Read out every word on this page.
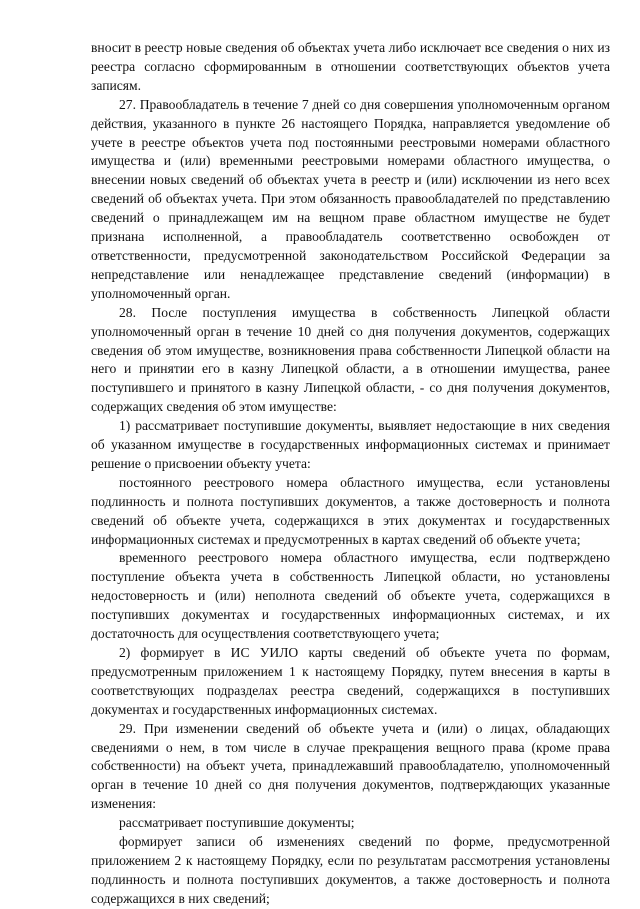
вносит в реестр новые сведения об объектах учета либо исключает все сведения о них из реестра согласно сформированным в отношении соответствующих объектов учета записям.

27. Правообладатель в течение 7 дней со дня совершения уполномоченным органом действия, указанного в пункте 26 настоящего Порядка, направляется уведомление об учете в реестре объектов учета под постоянными реестровыми номерами областного имущества и (или) временными реестровыми номерами областного имущества, о внесении новых сведений об объектах учета в реестр и (или) исключении из него всех сведений об объектах учета. При этом обязанность правообладателей по представлению сведений о принадлежащем им на вещном праве областном имуществе не будет признана исполненной, а правообладатель соответственно освобожден от ответственности, предусмотренной законодательством Российской Федерации за непредставление или ненадлежащее представление сведений (информации) в уполномоченный орган.

28. После поступления имущества в собственность Липецкой области уполномоченный орган в течение 10 дней со дня получения документов, содержащих сведения об этом имуществе, возникновения права собственности Липецкой области на него и принятии его в казну Липецкой области, а в отношении имущества, ранее поступившего и принятого в казну Липецкой области, - со дня получения документов, содержащих сведения об этом имуществе:

1) рассматривает поступившие документы, выявляет недостающие в них сведения об указанном имуществе в государственных информационных системах и принимает решение о присвоении объекту учета:

постоянного реестрового номера областного имущества, если установлены подлинность и полнота поступивших документов, а также достоверность и полнота сведений об объекте учета, содержащихся в этих документах и государственных информационных системах и предусмотренных в картах сведений об объекте учета;

временного реестрового номера областного имущества, если подтверждено поступление объекта учета в собственность Липецкой области, но установлены недостоверность и (или) неполнота сведений об объекте учета, содержащихся в поступивших документах и государственных информационных системах, и их достаточность для осуществления соответствующего учета;

2) формирует в ИС УИЛО карты сведений об объекте учета по формам, предусмотренным приложением 1 к настоящему Порядку, путем внесения в карты в соответствующих подразделах реестра сведений, содержащихся в поступивших документах и государственных информационных системах.

29. При изменении сведений об объекте учета и (или) о лицах, обладающих сведениями о нем, в том числе в случае прекращения вещного права (кроме права собственности) на объект учета, принадлежавший правообладателю, уполномоченный орган в течение 10 дней со дня получения документов, подтверждающих указанные изменения:

рассматривает поступившие документы;

формирует записи об изменениях сведений по форме, предусмотренной приложением 2 к настоящему Порядку, если по результатам рассмотрения установлены подлинность и полнота поступивших документов, а также достоверность и полнота содержащихся в них сведений;
